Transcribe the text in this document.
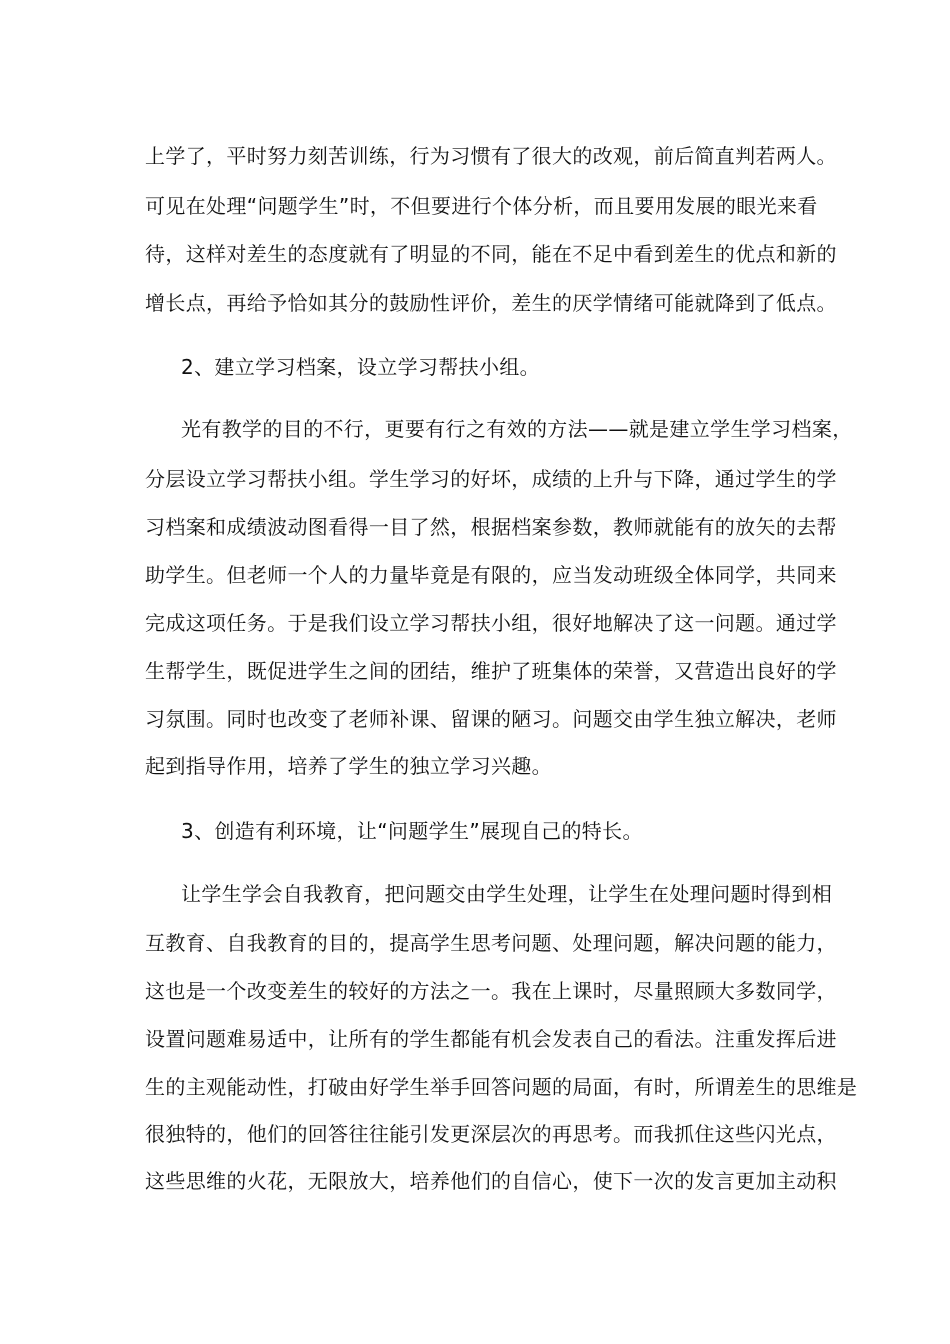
上学了，平时努力刻苦训练，行为习惯有了很大的改观，前后简直判若两人。
可见在处理“问题学生”时，不但要进行个体分析，而且要用发展的眼光来看
待，这样对差生的态度就有了明显的不同，能在不足中看到差生的优点和新的
增长点，再给予恰如其分的鼓励性评价，差生的厌学情绪可能就降到了低点。
2、建立学习档案，设立学习帮扶小组。
光有教学的目的不行，更要有行之有效的方法——就是建立学生学习档案，
分层设立学习帮扶小组。学生学习的好坏，成绩的上升与下降，通过学生的学
习档案和成绩波动图看得一目了然，根据档案参数，教师就能有的放矢的去帮
助学生。但老师一个人的力量毕竟是有限的，应当发动班级全体同学，共同来
完成这项任务。于是我们设立学习帮扶小组，很好地解决了这一问题。通过学
生帮学生，既促进学生之间的团结，维护了班集体的荣誉，又营造出良好的学
习氛围。同时也改变了老师补课、留课的陋习。问题交由学生独立解决，老师
起到指导作用，培养了学生的独立学习兴趣。
3、创造有利环境，让“问题学生”展现自己的特长。
让学生学会自我教育，把问题交由学生处理，让学生在处理问题时得到相
互教育、自我教育的目的，提高学生思考问题、处理问题，解决问题的能力，
这也是一个改变差生的较好的方法之一。我在上课时，尽量照顾大多数同学，
设置问题难易适中，让所有的学生都能有机会发表自己的看法。注重发挥后进
生的主观能动性，打破由好学生举手回答问题的局面，有时，所谓差生的思维是
很独特的，他们的回答往往能引发更深层次的再思考。而我抓住这些闪光点，
这些思维的火花，无限放大，培养他们的自信心，使下一次的发言更加主动积
